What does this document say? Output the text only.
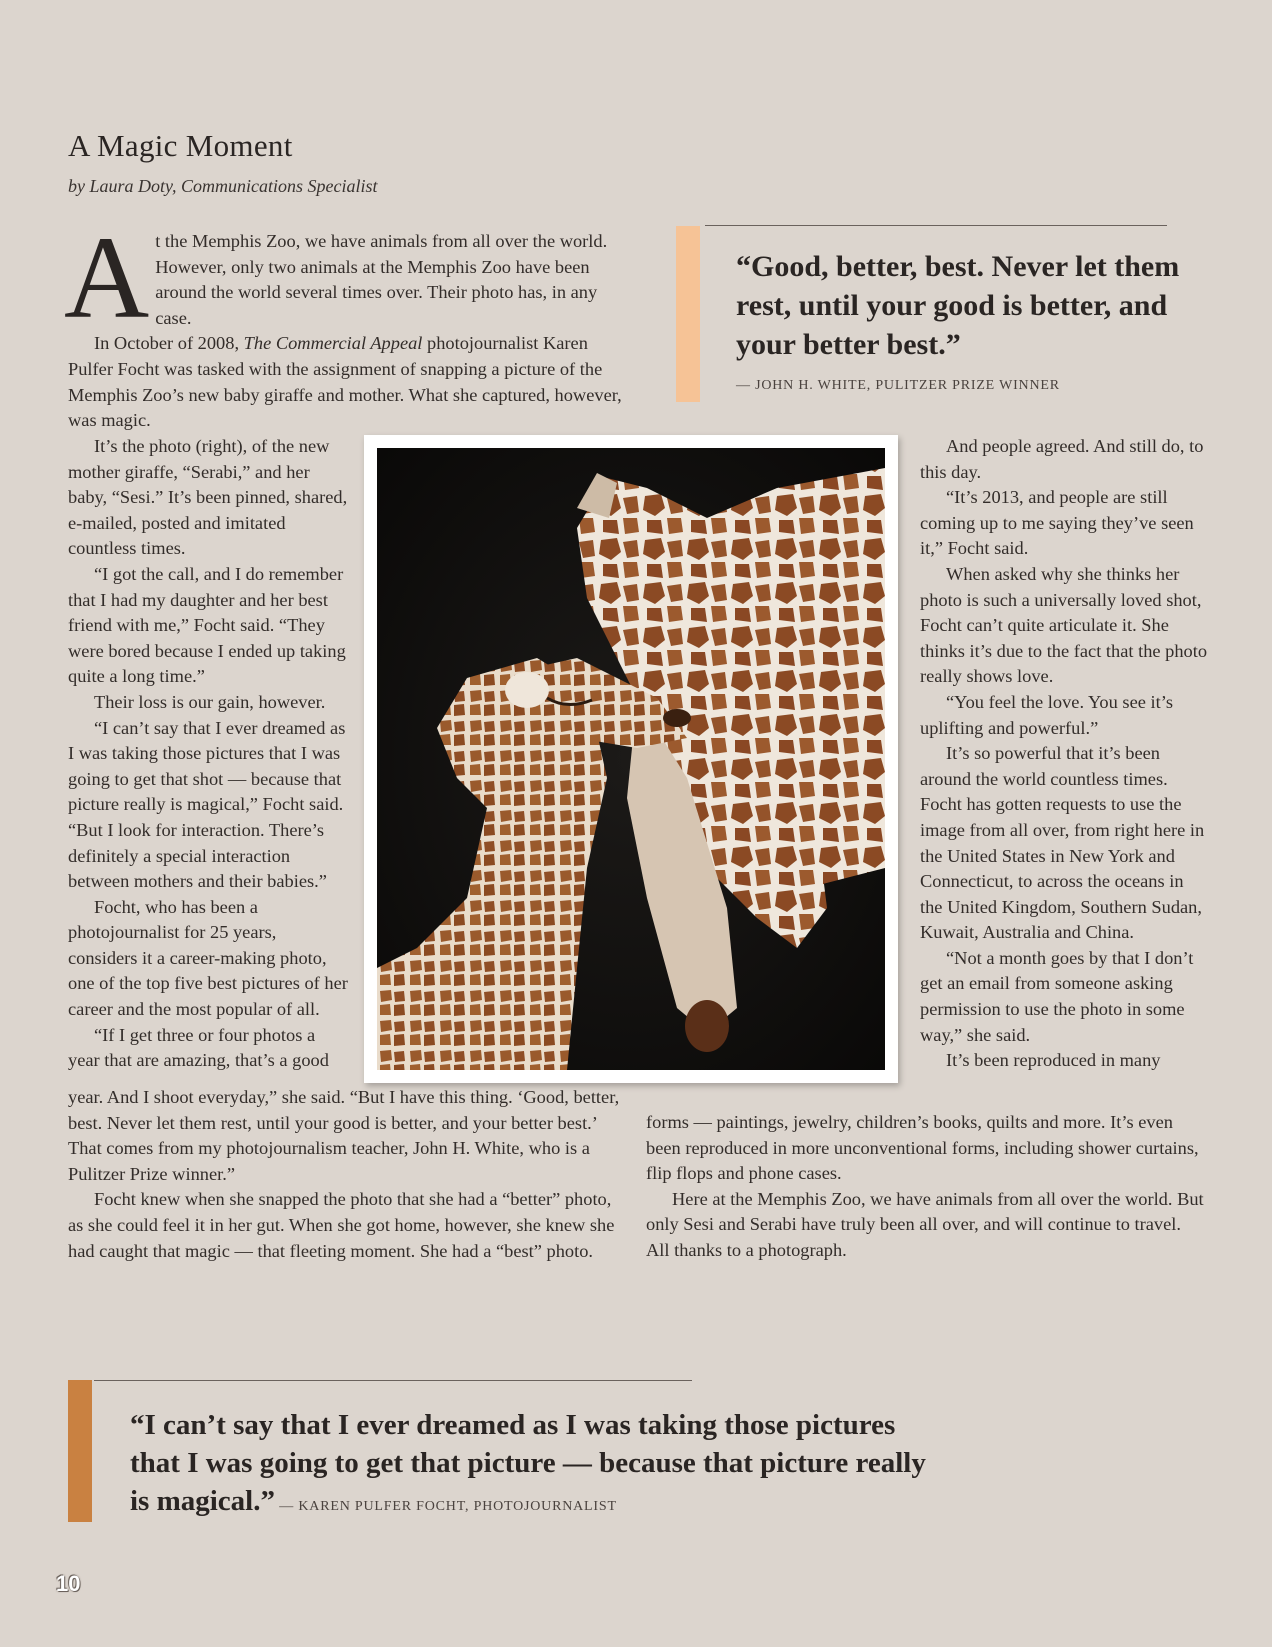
A Magic Moment
by Laura Doty, Communications Specialist
A t the Memphis Zoo, we have animals from all over the world. However, only two animals at the Memphis Zoo have been around the world several times over. Their photo has, in any case.

In October of 2008, The Commercial Appeal photojournalist Karen Pulfer Focht was tasked with the assignment of snapping a picture of the Memphis Zoo’s new baby giraffe and mother. What she captured, however, was magic.

It’s the photo (right), of the new mother giraffe, “Serabi,” and her baby, “Sesi.” It’s been pinned, shared, e-mailed, posted and imitated countless times.

“I got the call, and I do remember that I had my daughter and her best friend with me,” Focht said. “They were bored because I ended up taking quite a long time.”

Their loss is our gain, however.

“I can’t say that I ever dreamed as I was taking those pictures that I was going to get that shot — because that picture really is magical,” Focht said. “But I look for interaction. There’s definitely a special interaction between mothers and their babies.”

Focht, who has been a photojournalist for 25 years, considers it a career-making photo, one of the top five best pictures of her career and the most popular of all.

“If I get three or four photos a year that are amazing, that’s a good

year. And I shoot everyday,” she said. “But I have this thing. ‘Good, better, best. Never let them rest, until your good is better, and your better best.’ That comes from my photojournalism teacher, John H. White, who is a Pulitzer Prize winner.”

Focht knew when she snapped the photo that she had a “better” photo, as she could feel it in her gut. When she got home, however, she knew she had caught that magic — that fleeting moment. She had a “best” photo.

And people agreed. And still do, to this day.

“It’s 2013, and people are still coming up to me saying they’ve seen it,” Focht said.

When asked why she thinks her photo is such a universally loved shot, Focht can’t quite articulate it. She thinks it’s due to the fact that the photo really shows love.

“You feel the love. You see it’s uplifting and powerful.”

It’s so powerful that it’s been around the world countless times. Focht has gotten requests to use the image from all over, from right here in the United States in New York and Connecticut, to across the oceans in the United Kingdom, Southern Sudan, Kuwait, Australia and China.

“Not a month goes by that I don’t get an email from someone asking permission to use the photo in some way,” she said.

It’s been reproduced in many

forms — paintings, jewelry, children’s books, quilts and more. It’s even been reproduced in more unconventional forms, including shower curtains, flip flops and phone cases.

Here at the Memphis Zoo, we have animals from all over the world. But only Sesi and Serabi have truly been all over, and will continue to travel. All thanks to a photograph.

“Good, better, best. Never let them rest, until your good is better, and your better best.”
— JOHN H. WHITE, PULITZER PRIZE WINNER
“I can’t say that I ever dreamed as I was taking those pictures that I was going to get that picture — because that picture really is magical.” — KAREN PULFER FOCHT, PHOTOJOURNALIST
10
